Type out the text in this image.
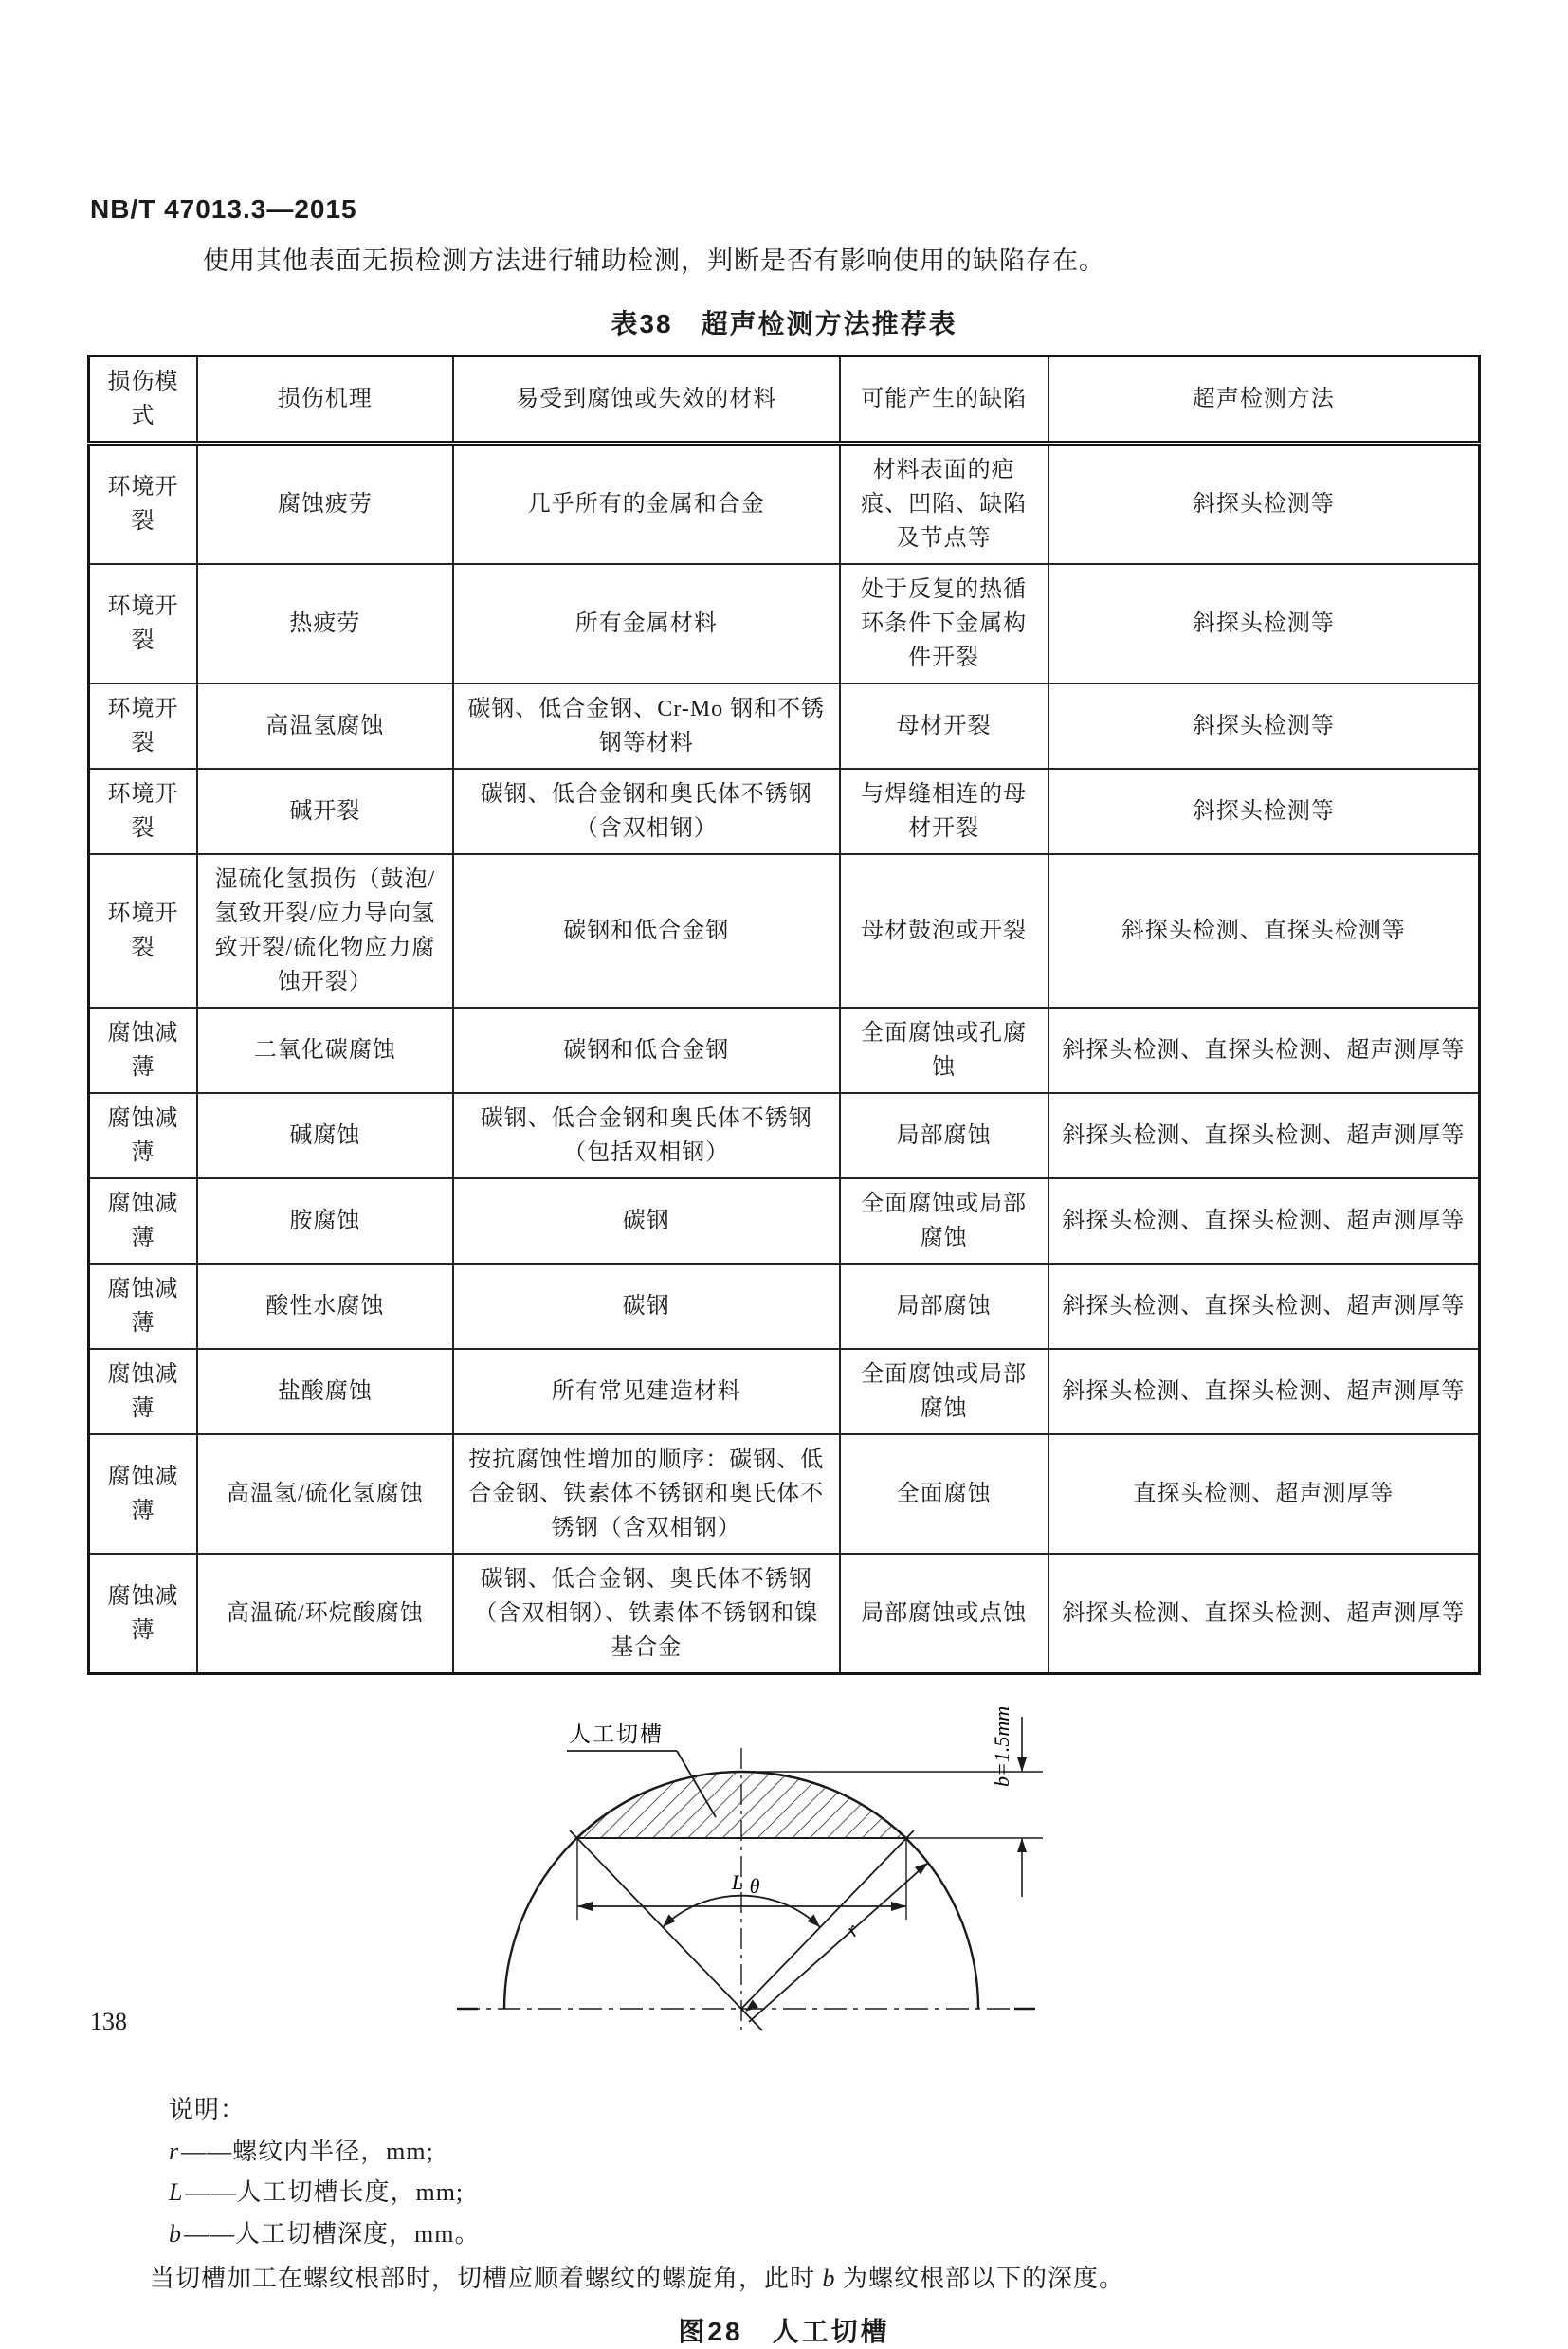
NB/T 47013.3—2015
使用其他表面无损检测方法进行辅助检测，判断是否有影响使用的缺陷存在。
表38　超声检测方法推荐表
损伤模式	损伤机理	易受到腐蚀或失效的材料	可能产生的缺陷	超声检测方法
环境开裂	腐蚀疲劳	几乎所有的金属和合金	材料表面的疤痕、凹陷、缺陷及节点等	斜探头检测等
环境开裂	热疲劳	所有金属材料	处于反复的热循环条件下金属构件开裂	斜探头检测等
环境开裂	高温氢腐蚀	碳钢、低合金钢、Cr-Mo 钢和不锈钢等材料	母材开裂	斜探头检测等
环境开裂	碱开裂	碳钢、低合金钢和奥氏体不锈钢（含双相钢）	与焊缝相连的母材开裂	斜探头检测等
环境开裂	湿硫化氢损伤（鼓泡/氢致开裂/应力导向氢致开裂/硫化物应力腐蚀开裂）	碳钢和低合金钢	母材鼓泡或开裂	斜探头检测、直探头检测等
腐蚀减薄	二氧化碳腐蚀	碳钢和低合金钢	全面腐蚀或孔腐蚀	斜探头检测、直探头检测、超声测厚等
腐蚀减薄	碱腐蚀	碳钢、低合金钢和奥氏体不锈钢（包括双相钢）	局部腐蚀	斜探头检测、直探头检测、超声测厚等
腐蚀减薄	胺腐蚀	碳钢	全面腐蚀或局部腐蚀	斜探头检测、直探头检测、超声测厚等
腐蚀减薄	酸性水腐蚀	碳钢	局部腐蚀	斜探头检测、直探头检测、超声测厚等
腐蚀减薄	盐酸腐蚀	所有常见建造材料	全面腐蚀或局部腐蚀	斜探头检测、直探头检测、超声测厚等
腐蚀减薄	高温氢/硫化氢腐蚀	按抗腐蚀性增加的顺序：碳钢、低合金钢、铁素体不锈钢和奥氏体不锈钢（含双相钢）	全面腐蚀	直探头检测、超声测厚等
腐蚀减薄	高温硫/环烷酸腐蚀	碳钢、低合金钢、奥氏体不锈钢（含双相钢）、铁素体不锈钢和镍基合金	局部腐蚀或点蚀	斜探头检测、直探头检测、超声测厚等
r
θ
L
b=1.5mm
人工切槽
说明：
r——螺纹内半径，mm;
L——人工切槽长度，mm;
b——人工切槽深度，mm。
当切槽加工在螺纹根部时，切槽应顺着螺纹的螺旋角，此时 b 为螺纹根部以下的深度。
图28　人工切槽
138
